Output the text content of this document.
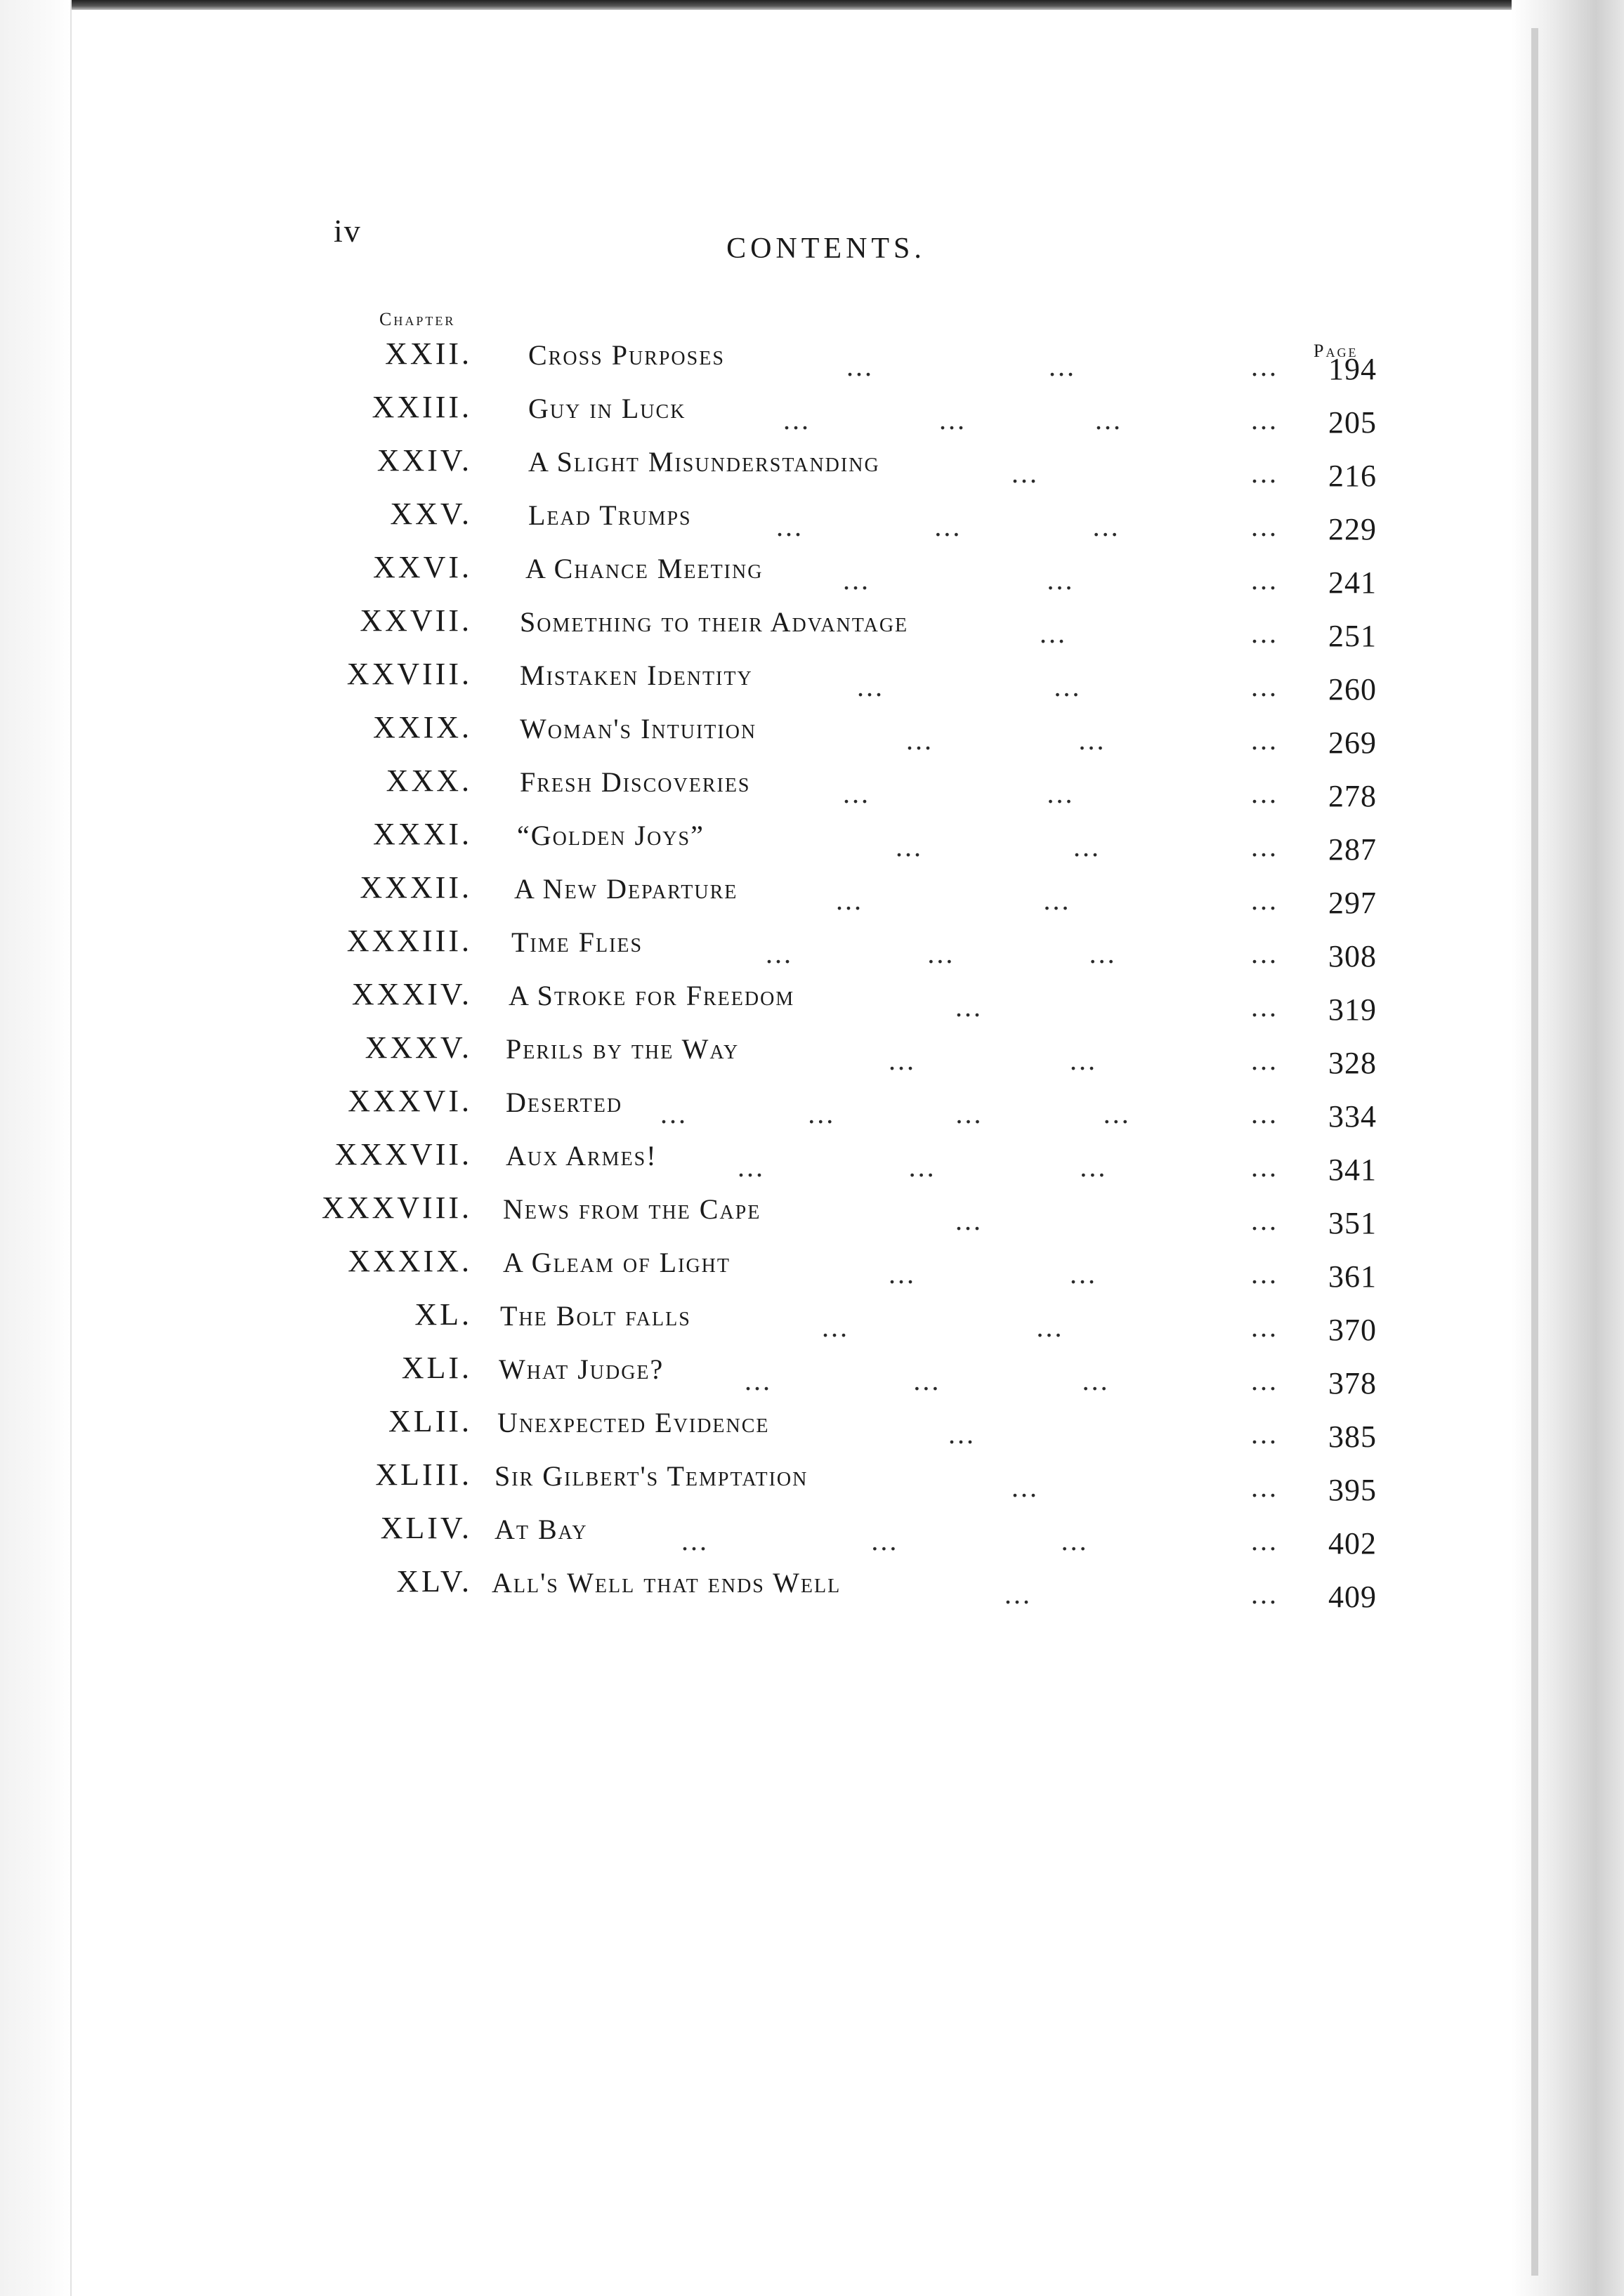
iv	CONTENTS.
Chapter
Page
XXII. Cross Purposes	...	...	...	194
XXIII. Guy in Luck	...	...	...	...	205
XXIV. A Slight Misunderstanding	...	...	216
XXV. Lead Trumps	...	...	...	...	229
XXVI. A Chance Meeting	...	...	...	241
XXVII. Something to their Advantage	...	...	251
XXVIII. Mistaken Identity	...	...	...	260
XXIX. Woman's Intuition	...	...	...	269
XXX. Fresh Discoveries	...	...	...	278
XXXI. “Golden Joys”	...	...	...	287
XXXII. A New Departure	...	...	...	297
XXXIII. Time Flies	...	...	...	...	308
XXXIV. A Stroke for Freedom	...	...	319
XXXV. Perils by the Way	...	...	...	328
XXXVI. Deserted ...	...	...	...	...	334
XXXVII. Aux Armes!	...	...	...	...	341
XXXVIII. News from the Cape	...	...	351
XXXIX. A Gleam of Light	...	...	...	361
XL. The Bolt falls	...	...	...	370
XLI. What Judge?	...	...	...	...	378
XLII. Unexpected Evidence	...	...	385
XLIII. Sir Gilbert's Temptation	...	...	395
XLIV. At Bay	...	...	...	...	402
XLV. All's Well that ends Well	...	...	409
